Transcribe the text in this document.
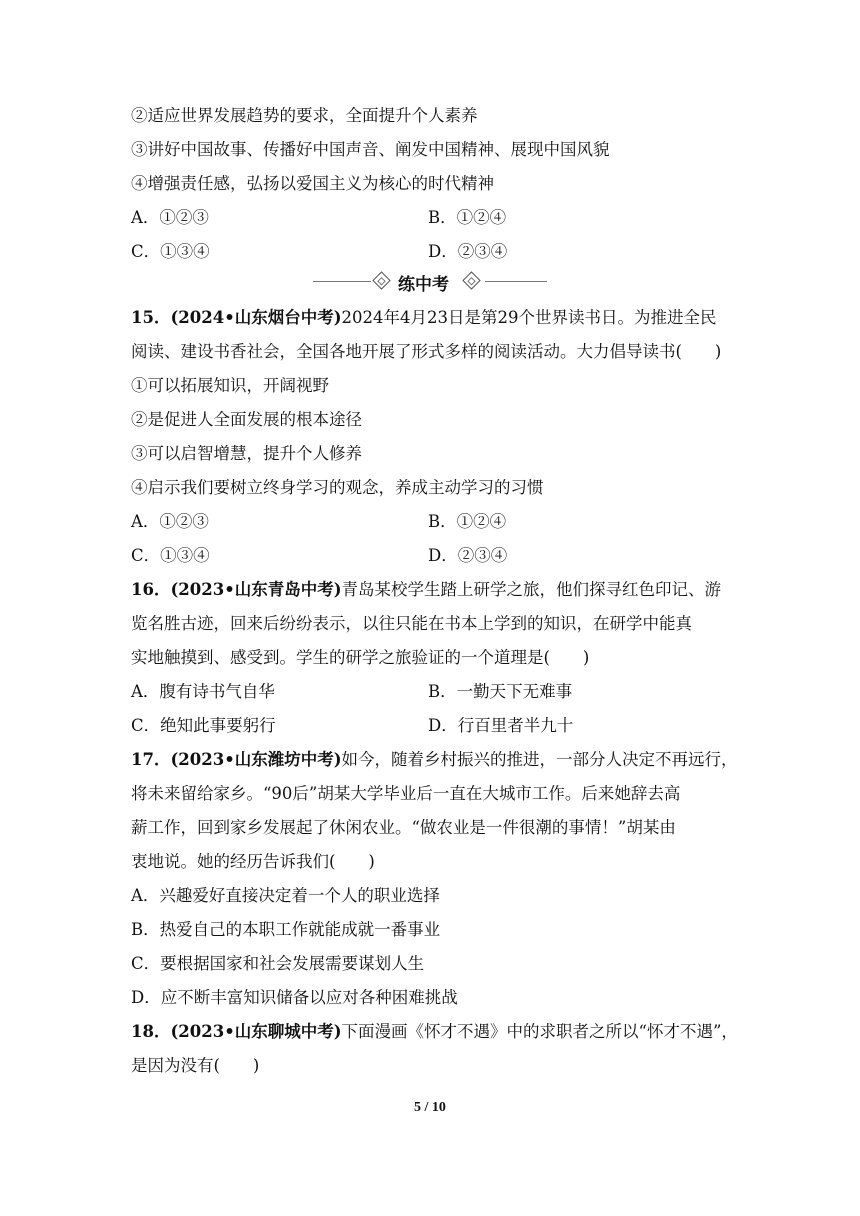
②适应世界发展趋势的要求，全面提升个人素养
③讲好中国故事、传播好中国声音、阐发中国精神、展现中国风貌
④增强责任感，弘扬以爱国主义为核心的时代精神
A．①②③	B．①②④
C．①③④	D．②③④
练中考
15．(2024•山东烟台中考)2024年4月23日是第29个世界读书日。为推进全民
阅读、建设书香社会，全国各地开展了形式多样的阅读活动。大力倡导读书(　　)
①可以拓展知识，开阔视野
②是促进人全面发展的根本途径
③可以启智增慧，提升个人修养
④启示我们要树立终身学习的观念，养成主动学习的习惯
A．①②③	B．①②④
C．①③④	D．②③④
16．(2023•山东青岛中考)青岛某校学生踏上研学之旅，他们探寻红色印记、游
览名胜古迹，回来后纷纷表示，以往只能在书本上学到的知识，在研学中能真
实地触摸到、感受到。学生的研学之旅验证的一个道理是(　　)
A．腹有诗书气自华	B．一勤天下无难事
C．绝知此事要躬行	D．行百里者半九十
17．(2023•山东潍坊中考)如今，随着乡村振兴的推进，一部分人决定不再远行，
将未来留给家乡。“90后”胡某大学毕业后一直在大城市工作。后来她辞去高
薪工作，回到家乡发展起了休闲农业。“做农业是一件很潮的事情！”胡某由
衷地说。她的经历告诉我们(　　)
A．兴趣爱好直接决定着一个人的职业选择
B．热爱自己的本职工作就能成就一番事业
C．要根据国家和社会发展需要谋划人生
D．应不断丰富知识储备以应对各种困难挑战
18．(2023•山东聊城中考)下面漫画《怀才不遇》中的求职者之所以“怀才不遇”，
是因为没有(　　)
5 / 10
